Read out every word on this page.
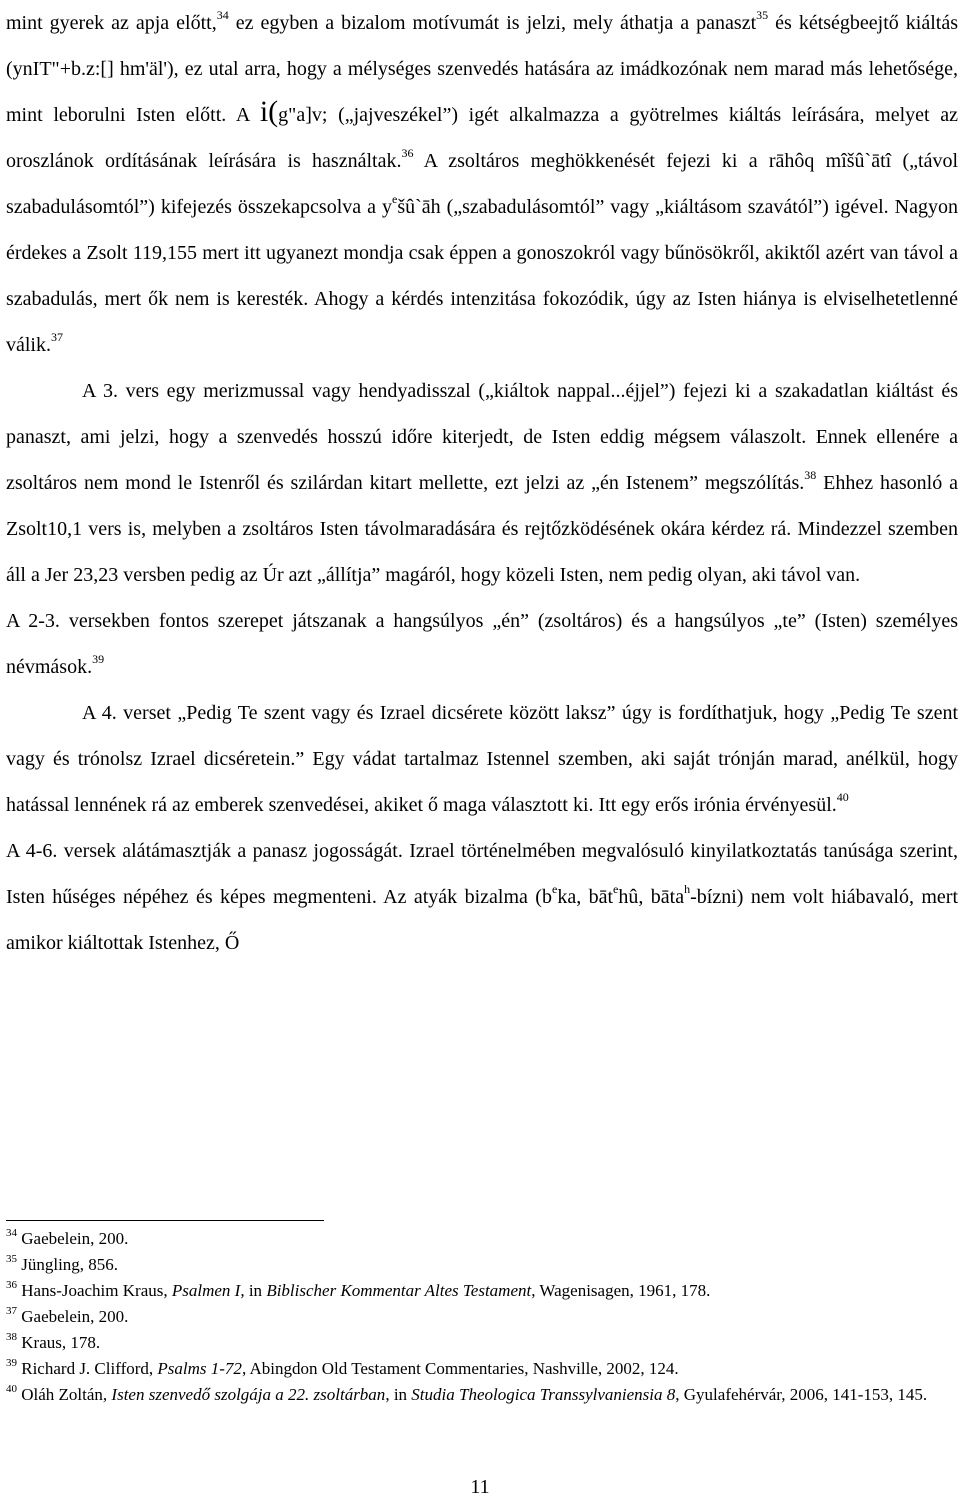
mint gyerek az apja előtt,$^{34}$ ez egyben a bizalom motívumát is jelzi, mely áthatja a panaszt$^{35}$ és kétségbeejtő kiáltás (ynIT"+b.z:[] hm'äl'), ez utal arra, hogy a mélységes szenvedés hatására az imádkozónak nem marad más lehetősége, mint leborulni Isten előtt. A i(g"a]v; („jajveszékel”) igét alkalmazza a gyötrelmes kiáltás leírására, melyet az oroszlánok ordításának leírására is használtak.$^{36}$ A zsoltáros meghökkenését fejezi ki a rāhôq mîšû`ātî („távol szabadulásomtól”) kifejezés összekapcsolva a $y^ešû`āh$ („szabadulásomtól” vagy „kiáltásom szavától”) igével. Nagyon érdekes a Zsolt 119,155 mert itt ugyanezt mondja csak éppen a gonoszokról vagy bűnösökről, akiktől azért van távol a szabadulás, mert ők nem is keresték. Ahogy a kérdés intenzitása fokozódik, úgy az Isten hiánya is elviselhetetlenné válik.$^{37}$

A 3. vers egy merizmussal vagy hendyadisszal („kiáltok nappal...éjjel”) fejezi ki a szakadatlan kiáltást és panaszt, ami jelzi, hogy a szenvedés hosszú időre kiterjedt, de Isten eddig mégsem válaszolt. Ennek ellenére a zsoltáros nem mond le Istenről és szilárdan kitart mellette, ezt jelzi az „én Istenem” megszólítás.$^{38}$ Ehhez hasonló a Zsolt10,1 vers is, melyben a zsoltáros Isten távolmaradására és rejtőzködésének okára kérdez rá. Mindezzel szemben áll a Jer 23,23 versben pedig az Úr azt „állítja” magáról, hogy közeli Isten, nem pedig olyan, aki távol van.

A 2-3. versekben fontos szerepet játszanak a hangsúlyos „én” (zsoltáros) és a hangsúlyos „te” (Isten) személyes névmások.$^{39}$

A 4. verset „Pedig Te szent vagy és Izrael dicsérete között laksz” úgy is fordíthatjuk, hogy „Pedig Te szent vagy és trónolsz Izrael dicséretein.” Egy vádat tartalmaz Istennel szemben, aki saját trónján marad, anélkül, hogy hatással lennének rá az emberek szenvedései, akiket ő maga választott ki. Itt egy erős irónia érvényesül.$^{40}$

A 4-6. versek alátámasztják a panasz jogosságát. Izrael történelmében megvalósuló kinyilatkoztatás tanúsága szerint, Isten hűséges népéhez és képes megmenteni. Az atyák bizalma ($b^eka$, bāt$^e$hû, bāta$^h$-bízni) nem volt hiábavaló, mert amikor kiáltottak Istenhez, Ő

$^{34}$ Gaebelein, 200.
$^{35}$ Jüngling, 856.
$^{36}$ Hans-Joachim Kraus, Psalmen I, in Biblischer Kommentar Altes Testament, Wagenisagen, 1961, 178.
$^{37}$ Gaebelein, 200.
$^{38}$ Kraus, 178.
$^{39}$ Richard J. Clifford, Psalms 1-72, Abingdon Old Testament Commentaries, Nashville, 2002, 124.
$^{40}$ Oláh Zoltán, Isten szenvedő szolgája a 22. zsoltárban, in Studia Theologica Transsylvaniensia 8, Gyulafehérvár, 2006, 141-153, 145.
11
